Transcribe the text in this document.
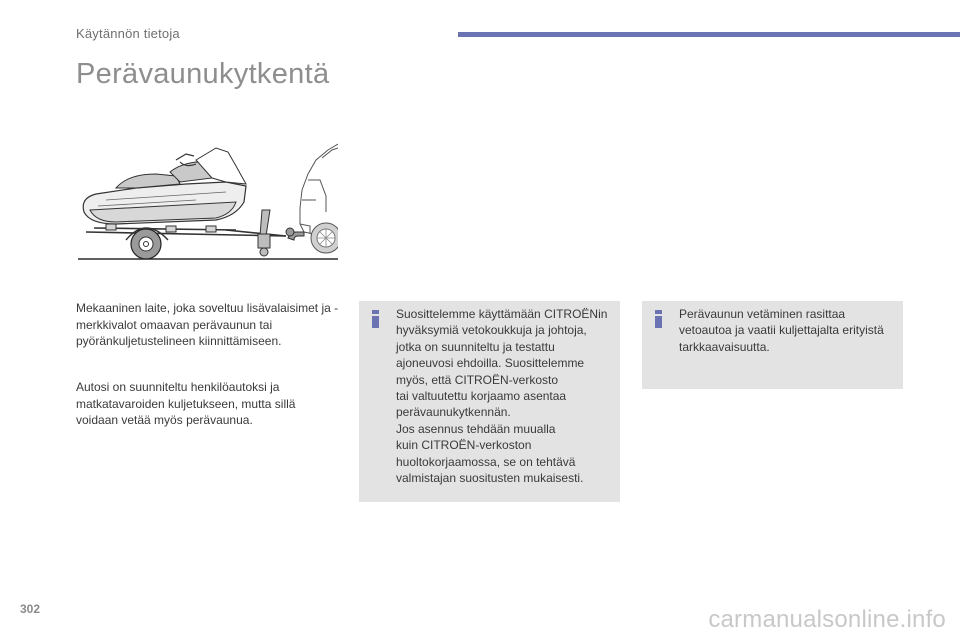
Käytännön tietoja
Perävaunukytkentä

Mekaaninen laite, joka soveltuu lisävalaisimet ja -merkkivalot omaavan perävaunun tai pyöränkuljetustelineen kiinnittämiseen.

Autosi on suunniteltu henkilöautoksi ja matkatavaroiden kuljetukseen, mutta sillä voidaan vetää myös perävaunua.

Suosittelemme käyttämään CITROËNin
hyväksymiä vetokoukkuja ja johtoja,
jotka on suunniteltu ja testattu
ajoneuvosi ehdoilla. Suosittelemme
myös, että CITROËN-verkosto
tai valtuutettu korjaamo asentaa
perävaunukytkennän.
Jos asennus tehdään muualla
kuin CITROËN-verkoston
huoltokorjaamossa, se on tehtävä
valmistajan suositusten mukaisesti.

Perävaunun vetäminen rasittaa
vetoautoa ja vaatii kuljettajalta erityistä
tarkkaavaisuutta.

302	carmanualsonline.info
